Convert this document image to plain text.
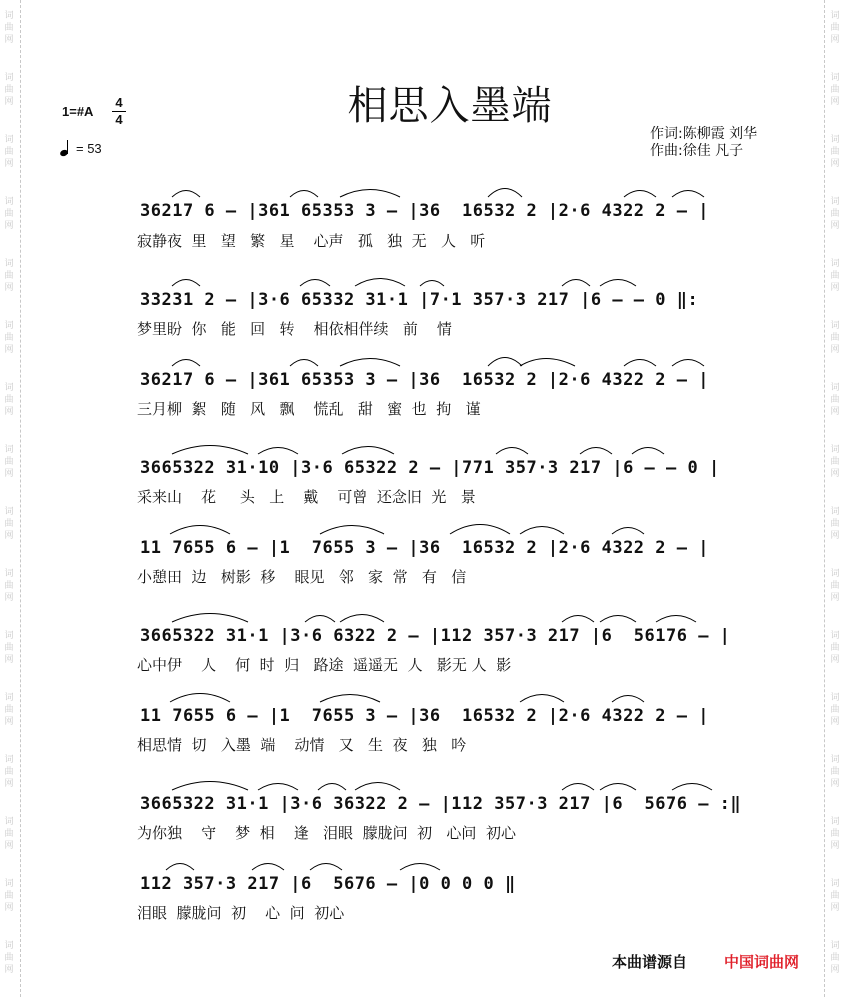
词
曲
网
词
曲
网
词
曲
网
词
曲
网
词
曲
网
词
曲
网
词
曲
网
词
曲
网
词
曲
网
词
曲
网
词
曲
网
词
曲
网
词
曲
网
词
曲
网
词
曲
网
词
曲
网
词
曲
网
词
曲
网
词
曲
网
词
曲
网
词
曲
网
词
曲
网
词
曲
网
词
曲
网
词
曲
网
词
曲
网
词
曲
网
词
曲
网
词
曲
网
词
曲
网
词
曲
网
词
曲
网
1=#A
4
4
= 53
相思入墨端
作词:陈柳霞 刘华
作曲:徐佳 凡子
36217 6 – |361 65353 3 – |36  16532 2 |2·6 4322 2 – |
寂静夜  里   望   繁   星    心声   孤   独  无   人   听
33231 2 – |3·6 65332 31·1 |7·1 357·3 217 |6 – – 0 ‖:
梦里盼  你   能   回   转    相依相伴续   前    情
36217 6 – |361 65353 3 – |36  16532 2 |2·6 4322 2 – |
三月柳  絮   随   风   飘    慌乱   甜   蜜  也  拘   谨
3665322 31·10 |3·6 65322 2 – |771 357·3 217 |6 – – 0 |
采来山    花     头   上    戴    可曾  还念旧  光   景
11 7655 6 – |1  7655 3 – |36  16532 2 |2·6 4322 2 – |
小憩田  边   树影  移    眼见   邻   家  常   有   信
3665322 31·1 |3·6 6322 2 – |112 357·3 217 |6  56176 – |
心中伊    人    何  时  归   路途  遥遥无  人   影无 人  影
11 7655 6 – |1  7655 3 – |36  16532 2 |2·6 4322 2 – |
相思情  切   入墨  端    动情   又   生  夜   独   吟
3665322 31·1 |3·6 36322 2 – |112 357·3 217 |6  5676 – :‖
为你独    守    梦  相    逢   泪眼  朦胧问  初   心问  初心
112 357·3 217 |6  5676 – |0 0 0 0 ‖
泪眼  朦胧问  初    心  问  初心
本曲谱源自 中国词曲网
